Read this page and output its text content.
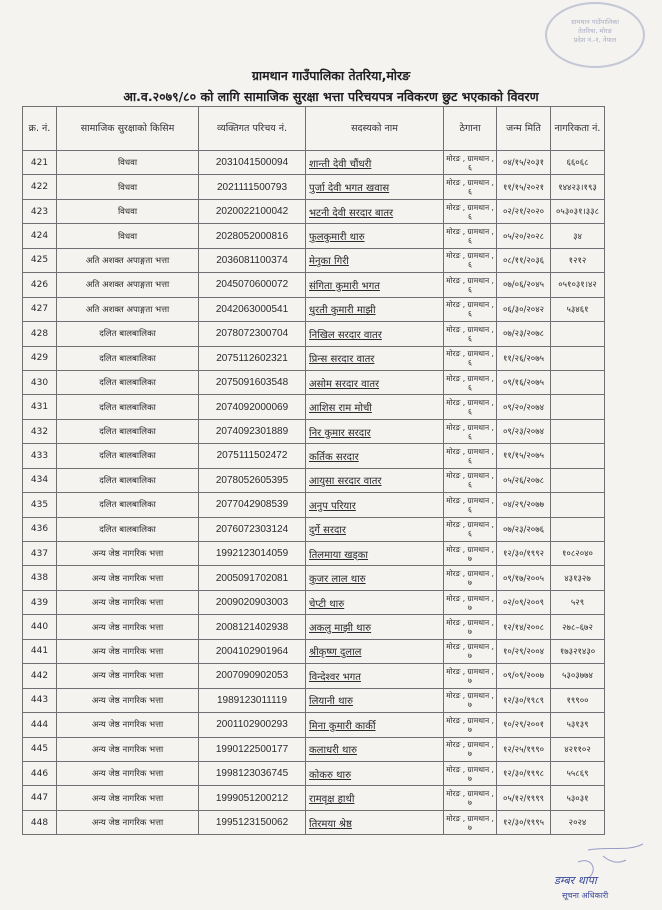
ग्रामथान गाउँपालिका
तेतरिया, मोरङ
प्रदेश नं.-१, नेपाल
ग्रामथान गाउँपालिका तेतरिया,मोरङ
आ.व.२०७९/८० को लागि सामाजिक सुरक्षा भत्ता परिचयपत्र नविकरण छुट भएकाको विवरण
क्र. नं.	सामाजिक सुरक्षाको किसिम	व्यक्तिगत परिचय नं.	सदस्यको नाम	ठेगाना	जन्म मिति	नागरिकता नं.
421	विधवा	2031041500094	शान्ती देवी चौंधरी	मोरङ , ग्रामथान , ६	०४/१५/२०३१	६६०६८
422	विधवा	2021111500793	पुर्जा देवी भगत खवास	मोरङ , ग्रामथान , ६	११/१५/२०२१	१४४२३।१९३
423	विधवा	2020022100042	भटनी देवी सरदार बातर	मोरङ , ग्रामथान , ६	०२/२१/२०२०	०५३०३१।३३८
424	विधवा	2028052000816	फुलकुमारी थारु	मोरङ , ग्रामथान , ६	०५/२०/२०२८	३४
425	अति अशक्त अपाङ्गता भत्ता	2036081100374	मेनुका गिरी	मोरङ , ग्रामथान , ६	०८/११/२०३६	१२१२
426	अति अशक्त अपाङ्गता भत्ता	2045070600072	संगिता कुमारी भगत	मोरङ , ग्रामथान , ६	०७/०६/२०४५	०५१०३१।४२
427	अति अशक्त अपाङ्गता भत्ता	2042063000541	धुरती कुमारी माझी	मोरङ , ग्रामथान , ६	०६/३०/२०४२	५३४६१
428	दलित बालबालिका	2078072300704	निखिल सरदार वातर	मोरङ , ग्रामथान , ६	०७/२३/२०७८	
429	दलित बालबालिका	2075112602321	प्रिन्स सरदार वातर	मोरङ , ग्रामथान , ६	११/२६/२०७५	
430	दलित बालबालिका	2075091603548	असोम सरदार वातर	मोरङ , ग्रामथान , ६	०९/१६/२०७५	
431	दलित बालबालिका	2074092000069	आशिस राम मोची	मोरङ , ग्रामथान , ६	०९/२०/२०७४	
432	दलित बालबालिका	2074092301889	निर कुमार सरदार	मोरङ , ग्रामथान , ६	०९/२३/२०७४	
433	दलित बालबालिका	2075111502472	कर्तिक सरदार	मोरङ , ग्रामथान , ६	११/१५/२०७५	
434	दलित बालबालिका	2078052605395	आयुसा सरदार वातर	मोरङ , ग्रामथान , ६	०५/२६/२०७८	
435	दलित बालबालिका	2077042908539	अनुप परियार	मोरङ , ग्रामथान , ६	०४/२९/२०७७	
436	दलित बालबालिका	2076072303124	दुर्गे सरदार	मोरङ , ग्रामथान , ६	०७/२३/२०७६	
437	अन्य जेष्ठ नागरिक भत्ता	1992123014059	तिलमाया खड्का	मोरङ , ग्रामथान , ७	१२/३०/१९९२	१०८२०४०
438	अन्य जेष्ठ नागरिक भत्ता	2005091702081	कुजर लाल थारु	मोरङ , ग्रामथान , ७	०९/१७/२००५	४३१३२७
439	अन्य जेष्ठ नागरिक भत्ता	2009020903003	चेप्टी थारु	मोरङ , ग्रामथान , ७	०२/०९/२००९	५२९
440	अन्य जेष्ठ नागरिक भत्ता	2008121402938	अकलु माझी थारु	मोरङ , ग्रामथान , ७	१२/१४/२००८	२७८–६७२
441	अन्य जेष्ठ नागरिक भत्ता	2004102901964	श्रीकृष्ण दुलाल	मोरङ , ग्रामथान , ७	१०/२९/२००४	१७३२१४३०
442	अन्य जेष्ठ नागरिक भत्ता	2007090902053	विन्देश्वर भगत	मोरङ , ग्रामथान , ७	०९/०९/२००७	५३०३७७४
443	अन्य जेष्ठ नागरिक भत्ता	1989123011119	लियानी थारु	मोरङ , ग्रामथान , ७	१२/३०/१९८९	१९९००
444	अन्य जेष्ठ नागरिक भत्ता	2001102900293	मिना कुमारी कार्की	मोरङ , ग्रामथान , ७	१०/२९/२००१	५३१३९
445	अन्य जेष्ठ नागरिक भत्ता	1990122500177	कलाधरी थारु	मोरङ , ग्रामथान , ७	१२/२५/१९९०	४२११०२
446	अन्य जेष्ठ नागरिक भत्ता	1998123036745	कोकरु थारु	मोरङ , ग्रामथान , ७	१२/३०/१९९८	५५८६९
447	अन्य जेष्ठ नागरिक भत्ता	1999051200212	रामवृक्ष हाथी	मोरङ , ग्रामथान , ७	०५/१२/१९९९	५३०३१
448	अन्य जेष्ठ नागरिक भत्ता	1995123150062	तिरमया श्रेष्ठ	मोरङ , ग्रामथान , ७	१२/३०/१९९५	२०२४
डम्बर थापा
सूचना अधिकारी
